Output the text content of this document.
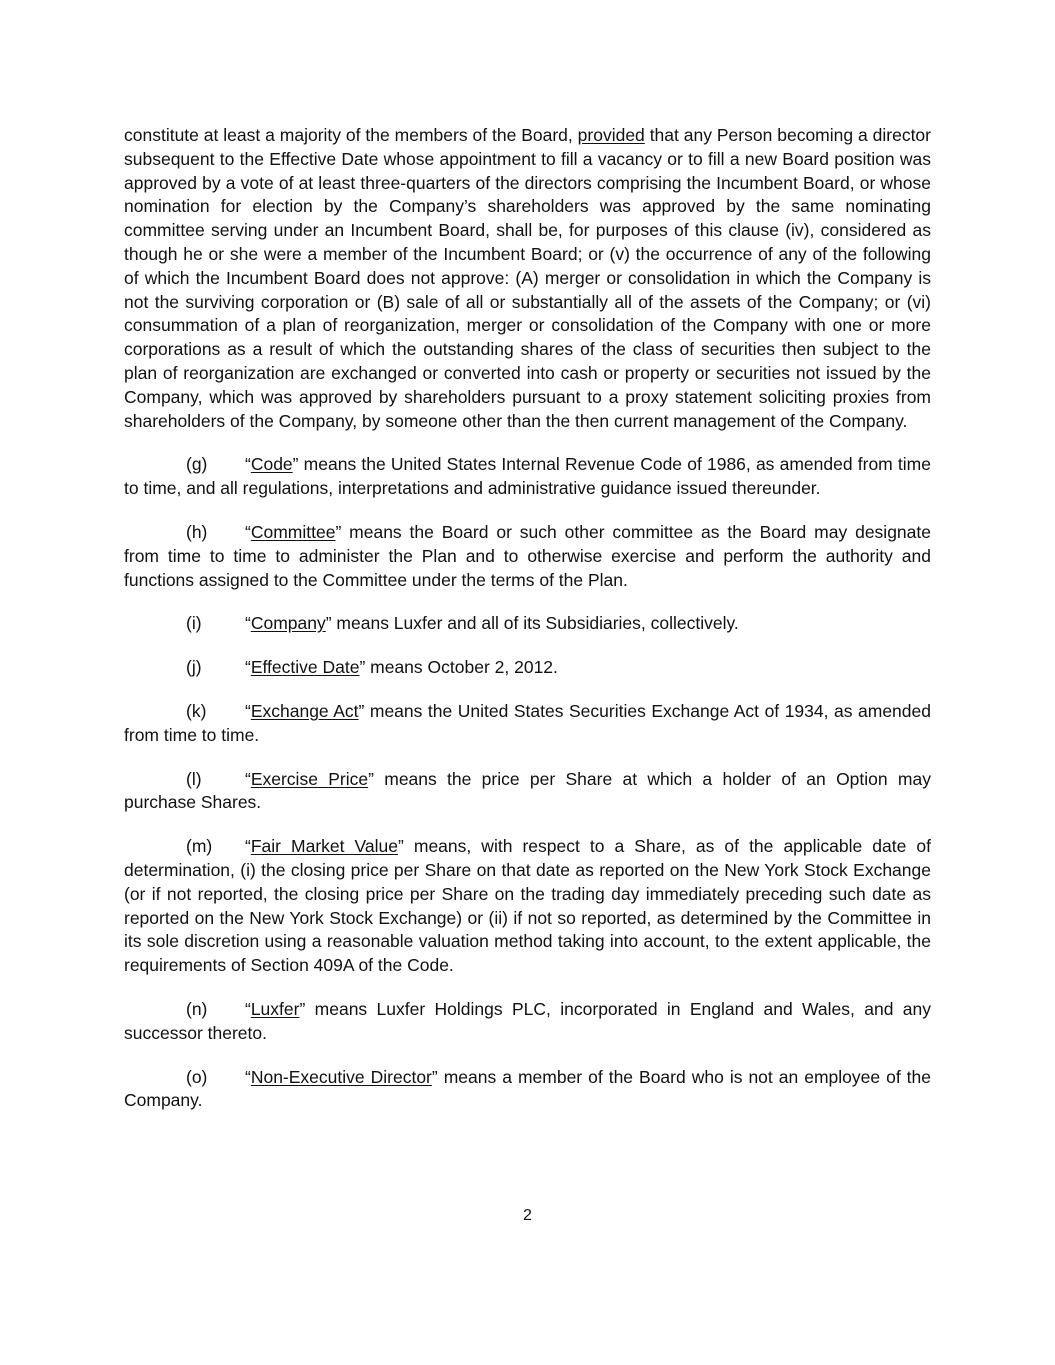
constitute at least a majority of the members of the Board, provided that any Person becoming a director subsequent to the Effective Date whose appointment to fill a vacancy or to fill a new Board position was approved by a vote of at least three-quarters of the directors comprising the Incumbent Board, or whose nomination for election by the Company’s shareholders was approved by the same nominating committee serving under an Incumbent Board, shall be, for purposes of this clause (iv), considered as though he or she were a member of the Incumbent Board; or (v) the occurrence of any of the following of which the Incumbent Board does not approve: (A) merger or consolidation in which the Company is not the surviving corporation or (B) sale of all or substantially all of the assets of the Company; or (vi) consummation of a plan of reorganization, merger or consolidation of the Company with one or more corporations as a result of which the outstanding shares of the class of securities then subject to the plan of reorganization are exchanged or converted into cash or property or securities not issued by the Company, which was approved by shareholders pursuant to a proxy statement soliciting proxies from shareholders of the Company, by someone other than the then current management of the Company.

(g) “Code” means the United States Internal Revenue Code of 1986, as amended from time to time, and all regulations, interpretations and administrative guidance issued thereunder.

(h) “Committee” means the Board or such other committee as the Board may designate from time to time to administer the Plan and to otherwise exercise and perform the authority and functions assigned to the Committee under the terms of the Plan.

(i) “Company” means Luxfer and all of its Subsidiaries, collectively.

(j) “Effective Date” means October 2, 2012.

(k) “Exchange Act” means the United States Securities Exchange Act of 1934, as amended from time to time.

(l) “Exercise Price” means the price per Share at which a holder of an Option may purchase Shares.

(m) “Fair Market Value” means, with respect to a Share, as of the applicable date of determination, (i) the closing price per Share on that date as reported on the New York Stock Exchange (or if not reported, the closing price per Share on the trading day immediately preceding such date as reported on the New York Stock Exchange) or (ii) if not so reported, as determined by the Committee in its sole discretion using a reasonable valuation method taking into account, to the extent applicable, the requirements of Section 409A of the Code.

(n) “Luxfer” means Luxfer Holdings PLC, incorporated in England and Wales, and any successor thereto.

(o) “Non-Executive Director” means a member of the Board who is not an employee of the Company.

2
